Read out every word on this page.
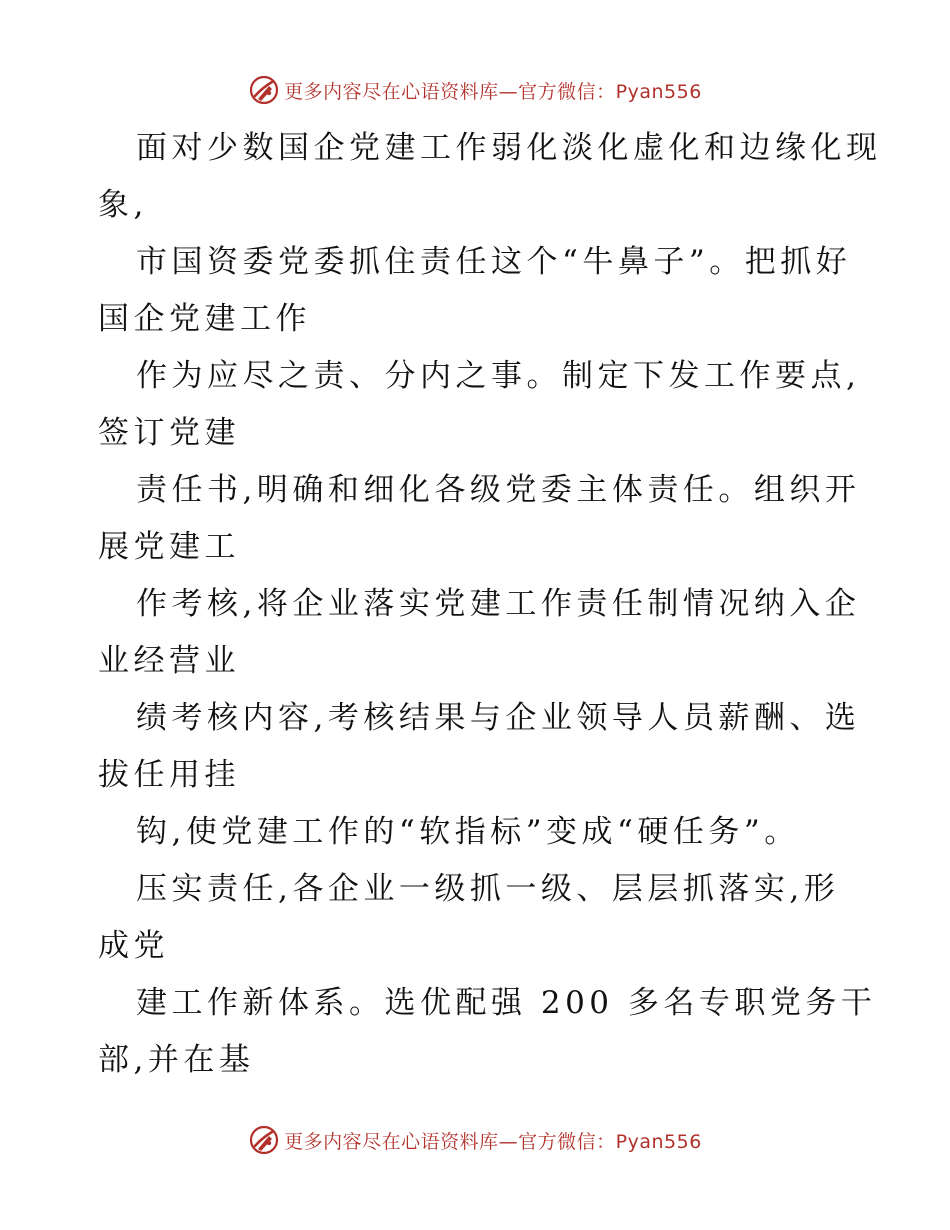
更多内容尽在心语资料库—官方微信：Pyan556
面对少数国企党建工作弱化淡化虚化和边缘化现
象,
市国资委党委抓住责任这个“牛鼻子”。把抓好
国企党建工作
作为应尽之责、分内之事。制定下发工作要点,
签订党建
责任书,明确和细化各级党委主体责任。组织开
展党建工
作考核,将企业落实党建工作责任制情况纳入企
业经营业
绩考核内容,考核结果与企业领导人员薪酬、选
拔任用挂
钩,使党建工作的“软指标”变成“硬任务”。
压实责任,各企业一级抓一级、层层抓落实,形
成党
建工作新体系。选优配强 200 多名专职党务干
部,并在基
更多内容尽在心语资料库—官方微信：Pyan556
